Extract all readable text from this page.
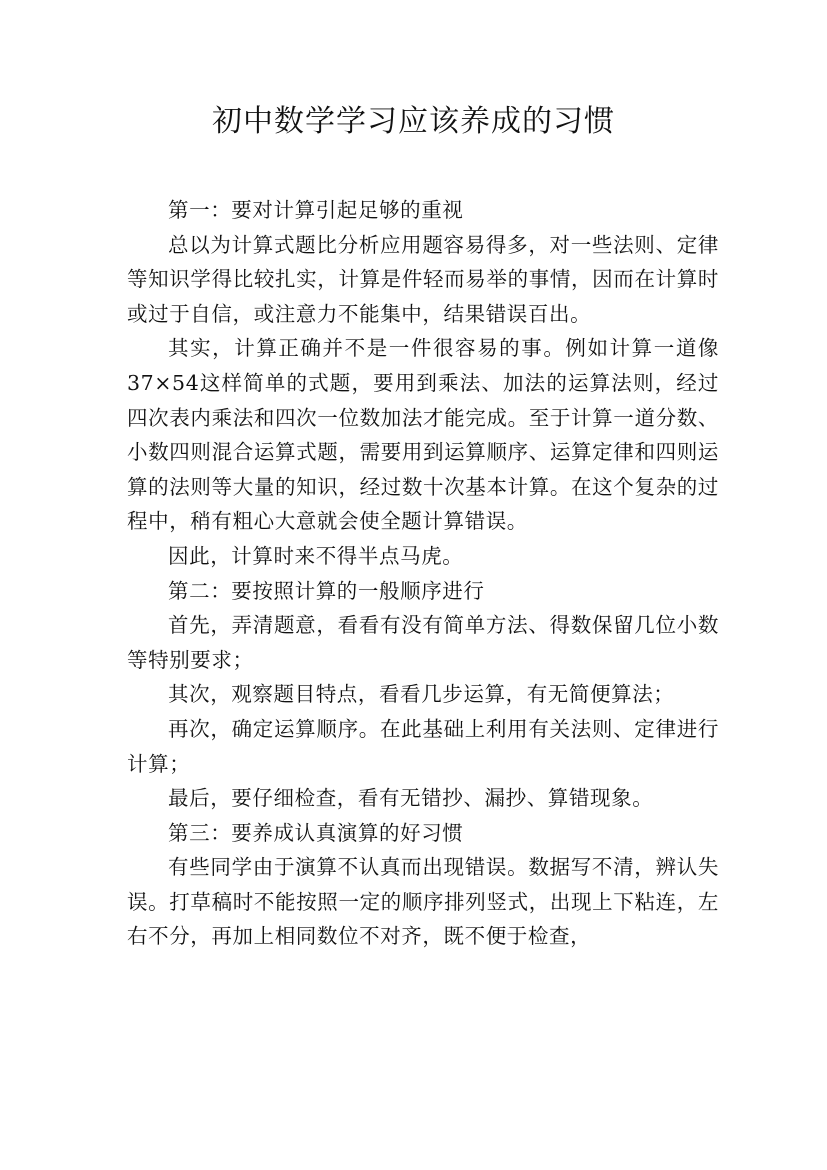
初中数学学习应该养成的习惯

第一：要对计算引起足够的重视

总以为计算式题比分析应用题容易得多，对一些法则、定律等知识学得比较扎实，计算是件轻而易举的事情，因而在计算时或过于自信，或注意力不能集中，结果错误百出。

其实，计算正确并不是一件很容易的事。例如计算一道像37×54这样简单的式题，要用到乘法、加法的运算法则，经过四次表内乘法和四次一位数加法才能完成。至于计算一道分数、小数四则混合运算式题，需要用到运算顺序、运算定律和四则运算的法则等大量的知识，经过数十次基本计算。在这个复杂的过程中，稍有粗心大意就会使全题计算错误。

因此，计算时来不得半点马虎。

第二：要按照计算的一般顺序进行

首先，弄清题意，看看有没有简单方法、得数保留几位小数等特别要求；

其次，观察题目特点，看看几步运算，有无简便算法；

再次，确定运算顺序。在此基础上利用有关法则、定律进行计算；

最后，要仔细检查，看有无错抄、漏抄、算错现象。

第三：要养成认真演算的好习惯

有些同学由于演算不认真而出现错误。数据写不清，辨认失误。打草稿时不能按照一定的顺序排列竖式，出现上下粘连，左右不分，再加上相同数位不对齐，既不便于检查，
